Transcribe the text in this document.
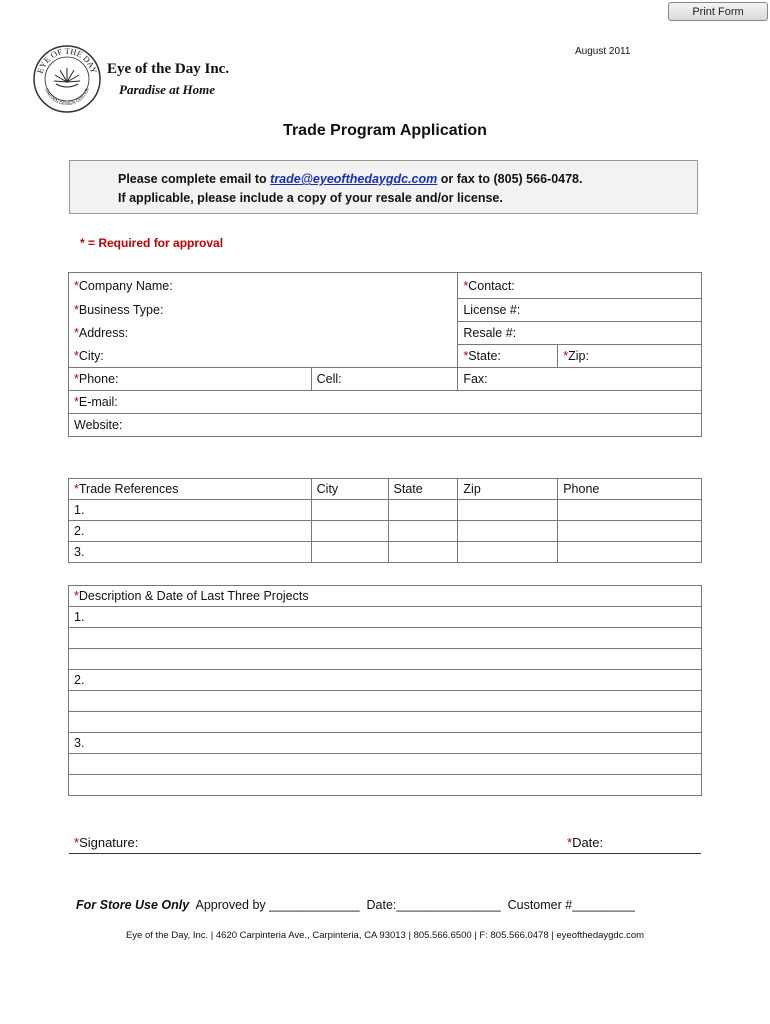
Print Form
August 2011
EYE OF THE DAY
GARDEN DESIGN CENTER
Eye of the Day Inc.
Paradise at Home
Trade Program Application
Please complete email to trade@eyeofthedaygdc.com or fax to (805) 566-0478.
If applicable, please include a copy of your resale and/or license.
* = Required for approval
*Company Name:		*Contact:	
*Business Type:		License #:	
*Address:		Resale #:	
*City:		*State:	*Zip:
*Phone:	Cell:	Fax:	
*E-mail:			
Website:			
*Trade References	City	State	Zip	Phone
1.				
2.				
3.				
*Description & Date of Last Three Projects
1.

2.

3.

*Signature:	*Date:
For Store Use Only Approved by _____________ Date:_______________ Customer #_________
Eye of the Day, Inc. | 4620 Carpinteria Ave., Carpinteria, CA 93013 | 805.566.6500 | F: 805.566.0478 | eyeofthedaygdc.com
